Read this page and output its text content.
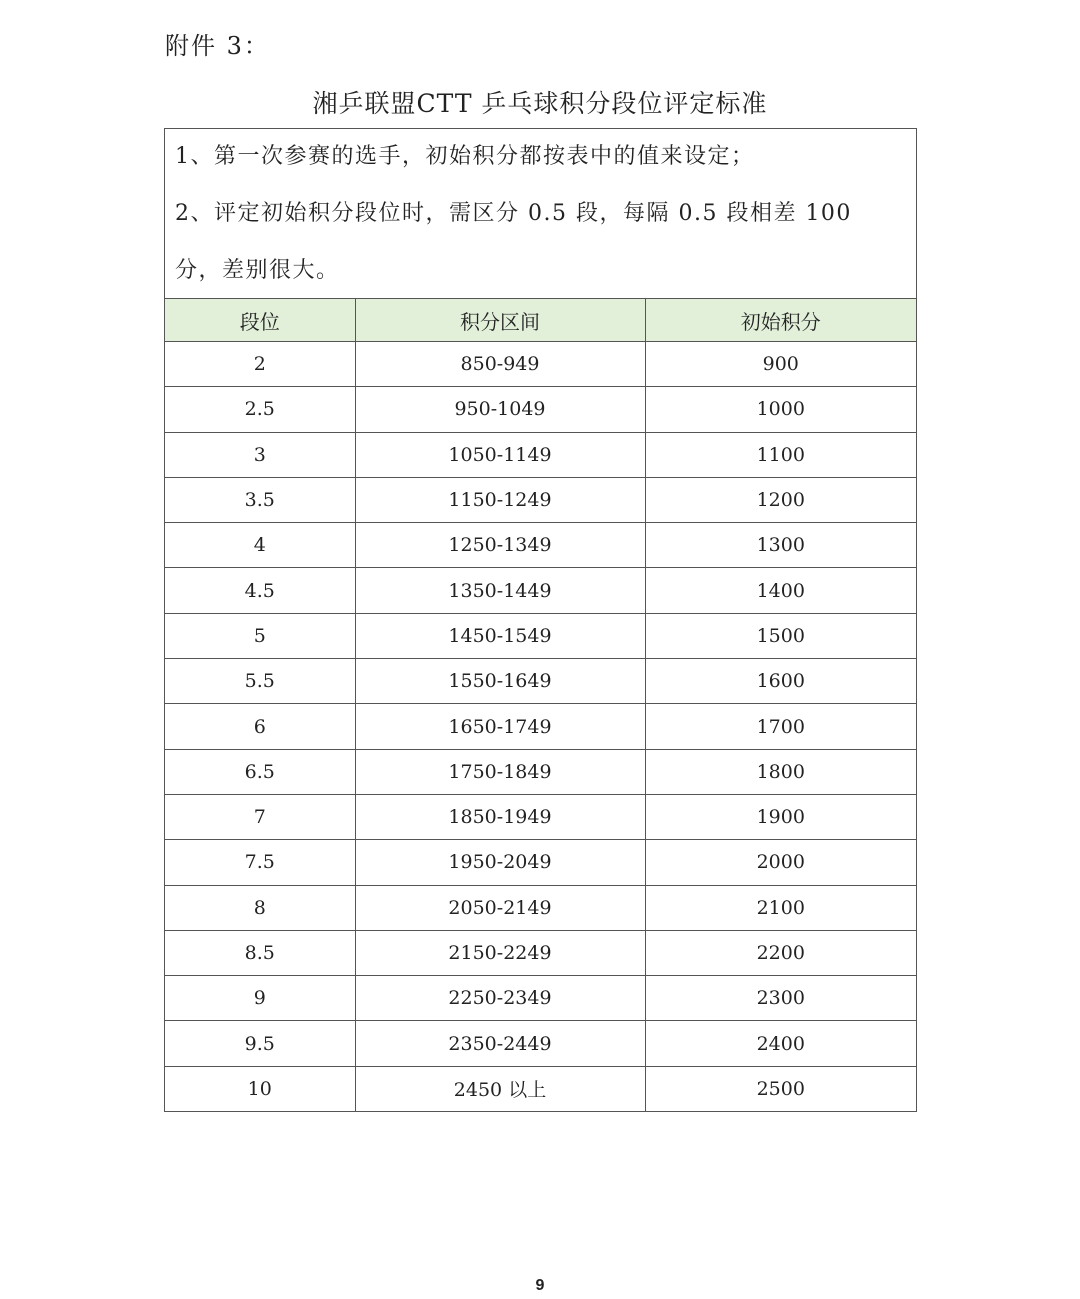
附件 3：
湘乒联盟CTT 乒乓球积分段位评定标准
1、第一次参赛的选手，初始积分都按表中的值来设定；
2、评定初始积分段位时，需区分 0.5 段，每隔 0.5 段相差 100
分，差别很大。
段位	积分区间	初始积分
2	850-949	900
2.5	950-1049	1000
3	1050-1149	1100
3.5	1150-1249	1200
4	1250-1349	1300
4.5	1350-1449	1400
5	1450-1549	1500
5.5	1550-1649	1600
6	1650-1749	1700
6.5	1750-1849	1800
7	1850-1949	1900
7.5	1950-2049	2000
8	2050-2149	2100
8.5	2150-2249	2200
9	2250-2349	2300
9.5	2350-2449	2400
10	2450 以上	2500
9
